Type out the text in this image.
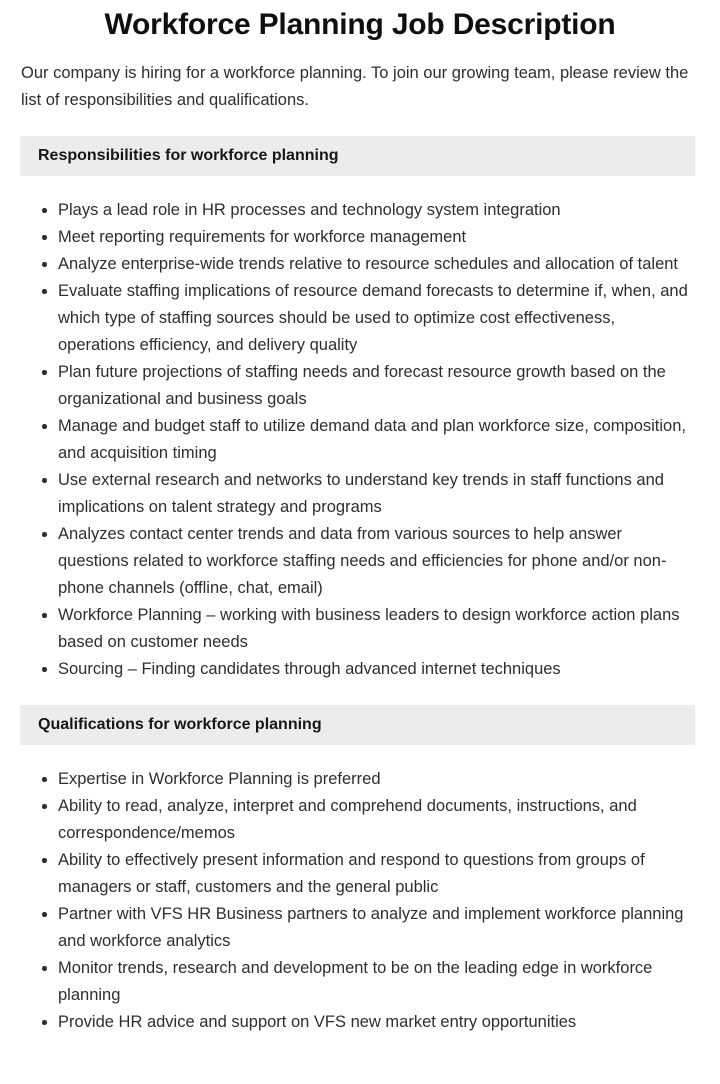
Workforce Planning Job Description

Our company is hiring for a workforce planning. To join our growing team, please review the list of responsibilities and qualifications.

Responsibilities for workforce planning
Plays a lead role in HR processes and technology system integration
Meet reporting requirements for workforce management
Analyze enterprise-wide trends relative to resource schedules and allocation of talent
Evaluate staffing implications of resource demand forecasts to determine if, when, and which type of staffing sources should be used to optimize cost effectiveness, operations efficiency, and delivery quality
Plan future projections of staffing needs and forecast resource growth based on the organizational and business goals
Manage and budget staff to utilize demand data and plan workforce size, composition, and acquisition timing
Use external research and networks to understand key trends in staff functions and implications on talent strategy and programs
Analyzes contact center trends and data from various sources to help answer questions related to workforce staffing needs and efficiencies for phone and/or non-phone channels (offline, chat, email)
Workforce Planning – working with business leaders to design workforce action plans based on customer needs
Sourcing – Finding candidates through advanced internet techniques
Qualifications for workforce planning
Expertise in Workforce Planning is preferred
Ability to read, analyze, interpret and comprehend documents, instructions, and correspondence/memos
Ability to effectively present information and respond to questions from groups of managers or staff, customers and the general public
Partner with VFS HR Business partners to analyze and implement workforce planning and workforce analytics
Monitor trends, research and development to be on the leading edge in workforce planning
Provide HR advice and support on VFS new market entry opportunities
